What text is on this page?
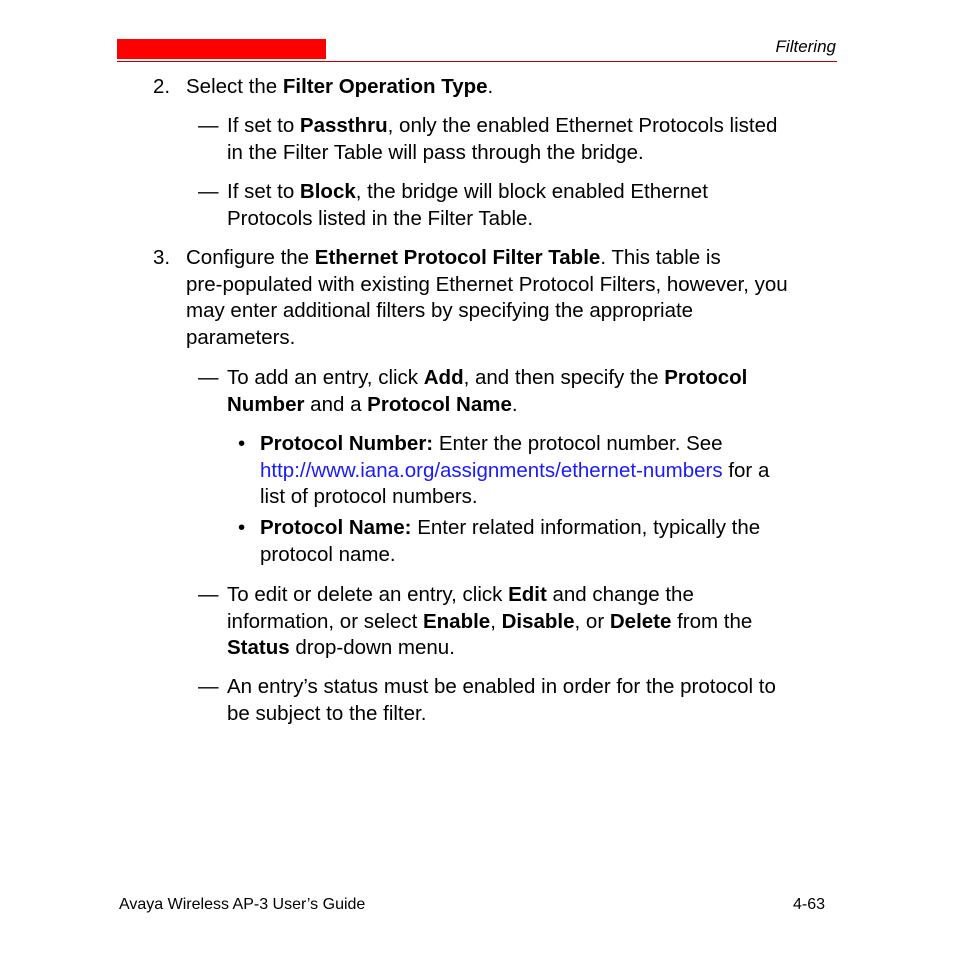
Filtering
2. Select the Filter Operation Type.

— If set to Passthru, only the enabled Ethernet Protocols listed
in the Filter Table will pass through the bridge.

— If set to Block, the bridge will block enabled Ethernet
Protocols listed in the Filter Table.

3. Configure the Ethernet Protocol Filter Table. This table is
pre-populated with existing Ethernet Protocol Filters, however, you
may enter additional filters by specifying the appropriate
parameters.

— To add an entry, click Add, and then specify the Protocol
Number and a Protocol Name.

• Protocol Number: Enter the protocol number. See
http://www.iana.org/assignments/ethernet-numbers for a
list of protocol numbers.

• Protocol Name: Enter related information, typically the
protocol name.

— To edit or delete an entry, click Edit and change the
information, or select Enable, Disable, or Delete from the
Status drop-down menu.

— An entry’s status must be enabled in order for the protocol to
be subject to the filter.

Avaya Wireless AP-3 User’s Guide	4-63
